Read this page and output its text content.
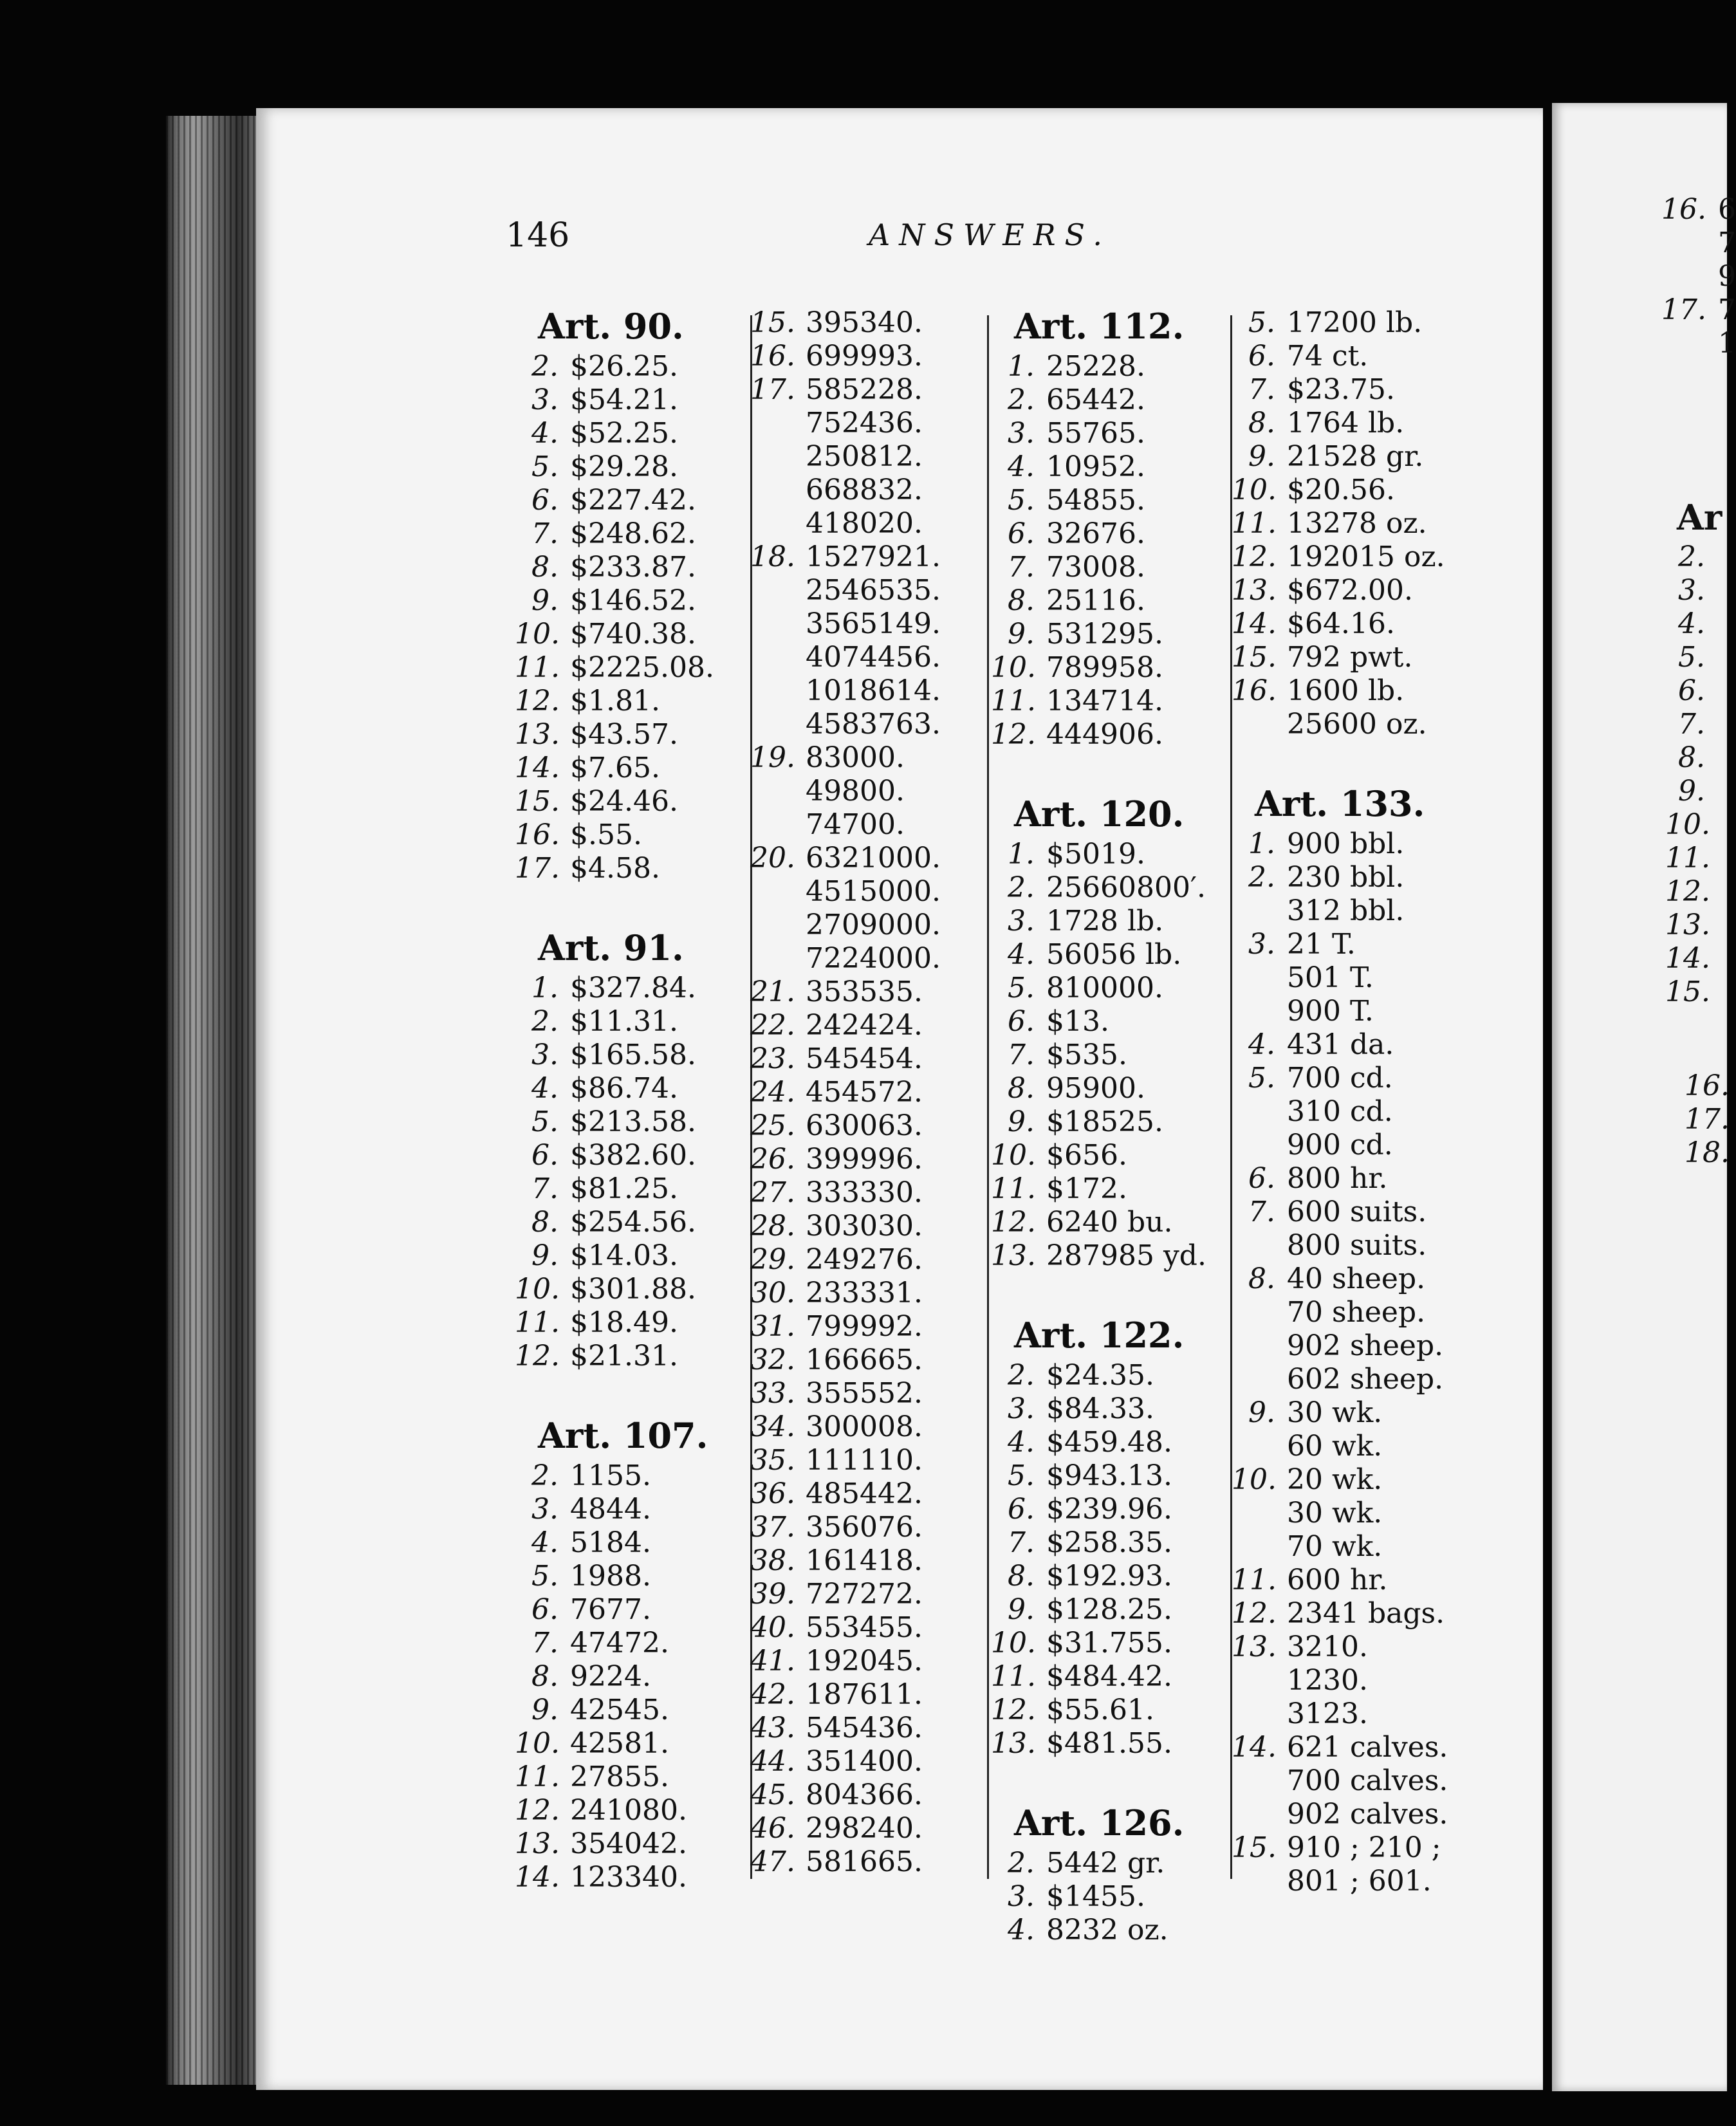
16. 6
7
9
17. 7
1
Ar
2.
3.
4.
5.
6.
7.
8.
9.
10.
11.
12.
13.
14.
15.
16.
17.
18.
146	ANSWERS.
Art. 90.
2. $26.25.
3. $54.21.
4. $52.25.
5. $29.28.
6. $227.42.
7. $248.62.
8. $233.87.
9. $146.52.
10. $740.38.
11. $2225.08.
12. $1.81.
13. $43.57.
14. $7.65.
15. $24.46.
16. $.55.
17. $4.58.
Art. 91.
1. $327.84.
2. $11.31.
3. $165.58.
4. $86.74.
5. $213.58.
6. $382.60.
7. $81.25.
8. $254.56.
9. $14.03.
10. $301.88.
11. $18.49.
12. $21.31.
Art. 107.
2. 1155.
3. 4844.
4. 5184.
5. 1988.
6. 7677.
7. 47472.
8. 9224.
9. 42545.
10. 42581.
11. 27855.
12. 241080.
13. 354042.
14. 123340.
15. 395340.
16. 699993.
17. 585228.
752436.
250812.
668832.
418020.
18. 1527921.
2546535.
3565149.
4074456.
1018614.
4583763.
19. 83000.
49800.
74700.
20. 6321000.
4515000.
2709000.
7224000.
21. 353535.
22. 242424.
23. 545454.
24. 454572.
25. 630063.
26. 399996.
27. 333330.
28. 303030.
29. 249276.
30. 233331.
31. 799992.
32. 166665.
33. 355552.
34. 300008.
35. 111110.
36. 485442.
37. 356076.
38. 161418.
39. 727272.
40. 553455.
41. 192045.
42. 187611.
43. 545436.
44. 351400.
45. 804366.
46. 298240.
47. 581665.
Art. 112.
1. 25228.
2. 65442.
3. 55765.
4. 10952.
5. 54855.
6. 32676.
7. 73008.
8. 25116.
9. 531295.
10. 789958.
11. 134714.
12. 444906.
Art. 120.
1. $5019.
2. 25660800′.
3. 1728 lb.
4. 56056 lb.
5. 810000.
6. $13.
7. $535.
8. 95900.
9. $18525.
10. $656.
11. $172.
12. 6240 bu.
13. 287985 yd.
Art. 122.
2. $24.35.
3. $84.33.
4. $459.48.
5. $943.13.
6. $239.96.
7. $258.35.
8. $192.93.
9. $128.25.
10. $31.755.
11. $484.42.
12. $55.61.
13. $481.55.
Art. 126.
2. 5442 gr.
3. $1455.
4. 8232 oz.
5. 17200 lb.
6. 74 ct.
7. $23.75.
8. 1764 lb.
9. 21528 gr.
10. $20.56.
11. 13278 oz.
12. 192015 oz.
13. $672.00.
14. $64.16.
15. 792 pwt.
16. 1600 lb.
25600 oz.
Art. 133.
1. 900 bbl.
2. 230 bbl.
312 bbl.
3. 21 T.
501 T.
900 T.
4. 431 da.
5. 700 cd.
310 cd.
900 cd.
6. 800 hr.
7. 600 suits.
800 suits.
8. 40 sheep.
70 sheep.
902 sheep.
602 sheep.
9. 30 wk.
60 wk.
10. 20 wk.
30 wk.
70 wk.
11. 600 hr.
12. 2341 bags.
13. 3210.
1230.
3123.
14. 621 calves.
700 calves.
902 calves.
15. 910 ; 210 ;
801 ; 601.
